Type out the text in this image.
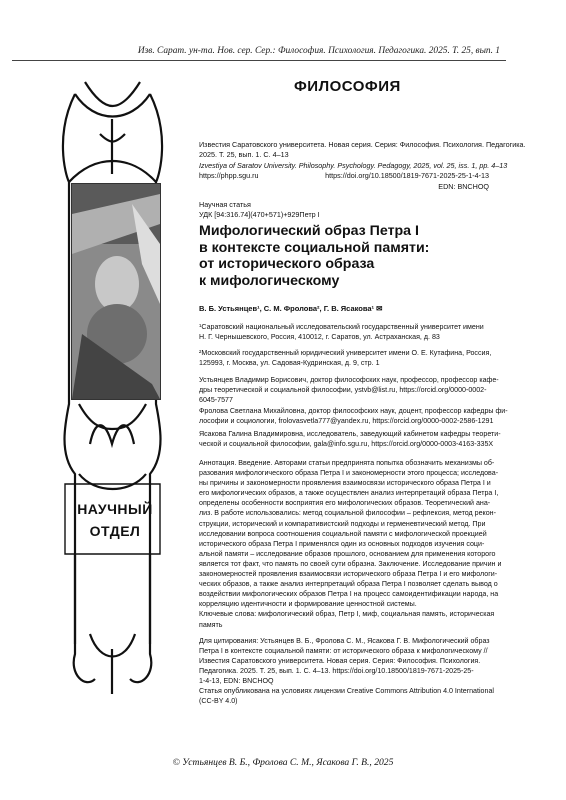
Изв. Сарат. ун-та. Нов. сер. Сер.: Философия. Психология. Педагогика. 2025. Т. 25, вып. 1
ФИЛОСОФИЯ
НАУЧНЫЙ
ОТДЕЛ
Известия Саратовского университета. Новая серия. Серия: Философия. Психология. Педагогика.
2025. Т. 25, вып. 1. С. 4–13
Izvestiya of Saratov University. Philosophy. Psychology. Pedagogy, 2025, vol. 25, iss. 1, pp. 4–13
https://phpp.sgu.ru	https://doi.org/10.18500/1819-7671-2025-25-1-4-13
EDN: BNCHOQ
Научная статья
УДК [94:316.74](470+571)+929Петр I
Мифологический образ Петра I
в контексте социальной памяти:
от исторического образа
к мифологическому
В. Б. Устьянцев¹, С. М. Фролова², Г. В. Ясакова¹ ✉
¹Саратовский национальный исследовательский государственный университет имени
Н. Г. Чернышевского, Россия, 410012, г. Саратов, ул. Астраханская, д. 83
²Московский государственный юридический университет имени О. Е. Кутафина, Россия,
125993, г. Москва, ул. Садовая-Кудринская, д. 9, стр. 1
Устьянцев Владимир Борисович, доктор философских наук, профессор, профессор кафе-
дры теоретической и социальной философии, ystvb@list.ru, https://orcid.org/0000-0002-
6045-7577
Фролова Светлана Михайловна, доктор философских наук, доцент, профессор кафедры фи-
лософии и социологии, frolovasvetla777@yandex.ru, https://orcid.org/0000-0002-2586-1291
Ясакова Галина Владимировна, исследователь, заведующий кабинетом кафедры теорети-
ческой и социальной философии, gala@info.sgu.ru, https://orcid.org/0000-0003-4163-335X
Аннотация. Введение. Авторами статьи предпринята попытка обозначить механизмы об-
разования мифологического образа Петра I и закономерности этого процесса; исследова-
ны причины и закономерности проявления взаимосвязи исторического образа Петра I и
его мифологических образов, а также осуществлен анализ интерпретаций образа Петра I,
определены особенности восприятия его мифологических образов. Теоретический ана-
лиз. В работе использовались: метод социальной философии – рефлексия, метод рекон-
струкции, исторический и компаративистский подходы и герменевтический метод. При
исследовании вопроса соотношения социальной памяти с мифологической проекцией
исторического образа Петра I применялся один из основных подходов изучения соци-
альной памяти – исследование образов прошлого, основанием для применения которого
является тот факт, что память по своей сути образна. Заключение. Исследование причин и
закономерностей проявления взаимосвязи исторического образа Петра I и его мифологи-
ческих образов, а также анализ интерпретаций образа Петра I позволяет сделать вывод о
воздействии мифологических образов Петра I на процесс самоидентификации народа, на
корреляцию идентичности и формирование ценностной системы.
Ключевые слова: мифологический образ, Петр I, миф, социальная память, историческая
память
Для цитирования: Устьянцев В. Б., Фролова С. М., Ясакова Г. В. Мифологический образ
Петра I в контексте социальной памяти: от исторического образа к мифологическому //
Известия Саратовского университета. Новая серия. Серия: Философия. Психология.
Педагогика. 2025. Т. 25, вып. 1. С. 4–13. https://doi.org/10.18500/1819-7671-2025-25-
1-4-13, EDN: BNCHOQ
Статья опубликована на условиях лицензии Creative Commons Attribution 4.0 International
(CC-BY 4.0)
© Устьянцев В. Б., Фролова С. М., Ясакова Г. В., 2025
